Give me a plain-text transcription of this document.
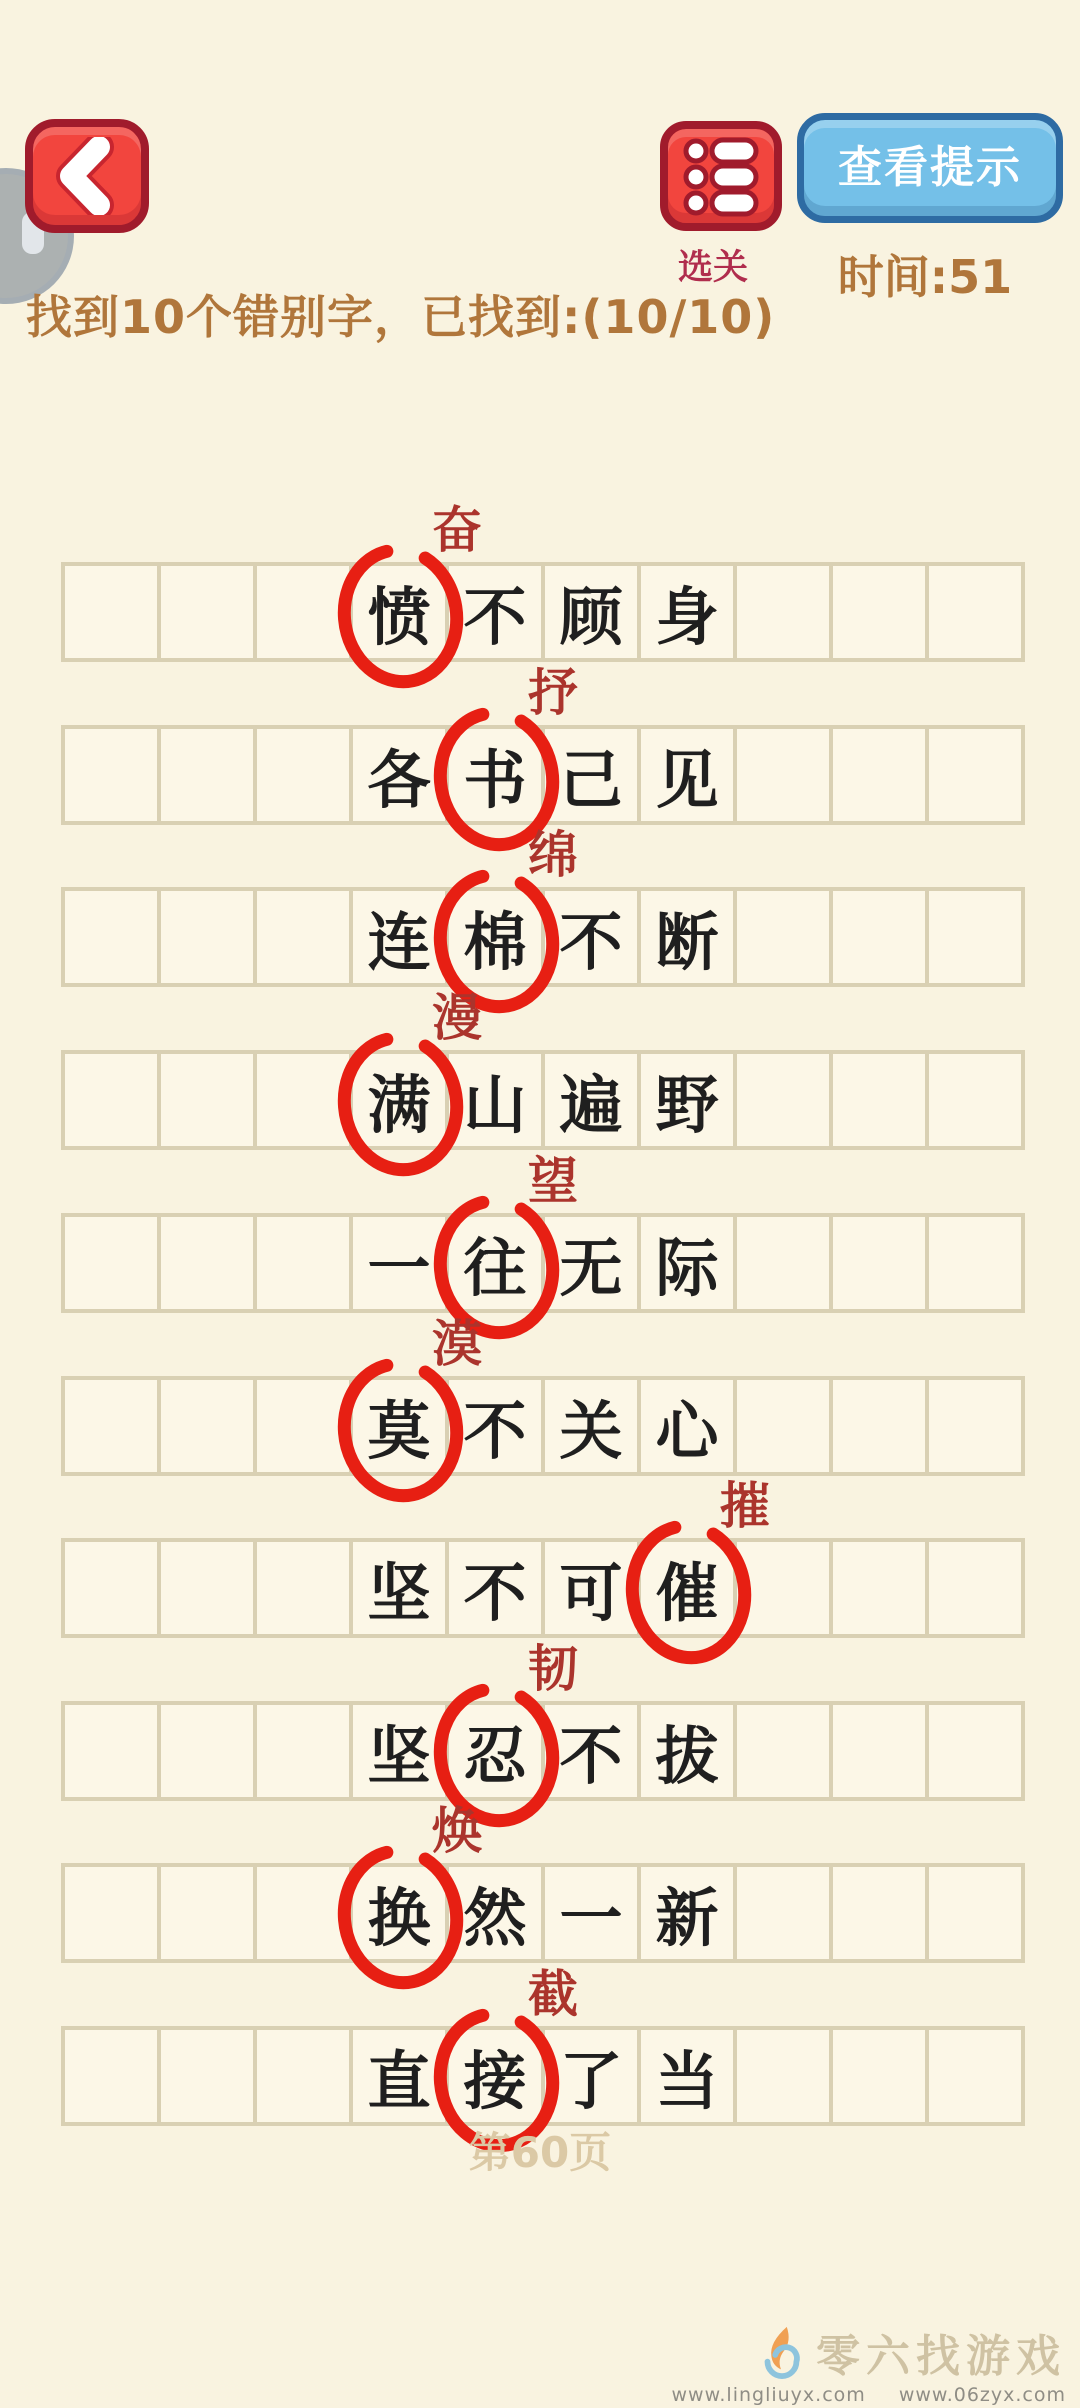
选关
查看提示
时间:51
找到10个错别字，已找到:(10/10)
愤 不 顾 身
奋
各 书 己 见
抒
连 棉 不 断
绵
满 山 遍 野
漫
一 往 无 际
望
莫 不 关 心
漠
坚 不 可 催
摧
坚 忍 不 拔
韧
换 然 一 新
焕
直 接 了 当
截
第60页
零六找游戏
www.lingliuyx.com www.06zyx.com
